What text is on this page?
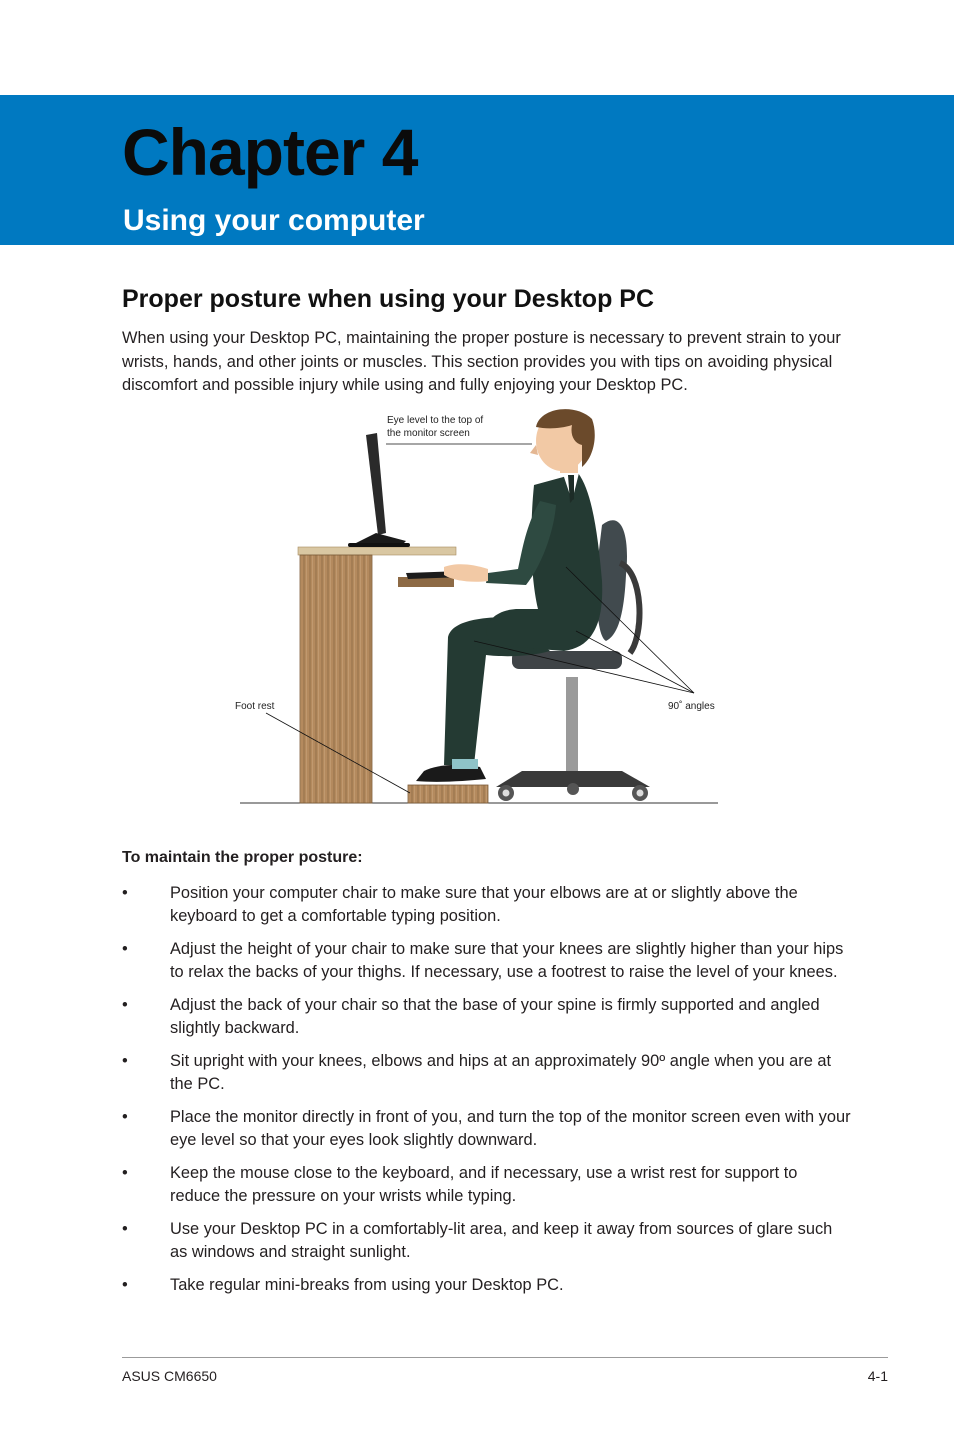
Chapter 4
Using your computer
Proper posture when using your Desktop PC

When using your Desktop PC, maintaining the proper posture is necessary to prevent strain to your wrists, hands, and other joints or muscles. This section provides you with tips on avoiding physical discomfort and possible injury while using and fully enjoying your Desktop PC.

Eye level to the top of
the monitor screen
Foot rest	90˚ angles
To maintain the proper posture:
•	Position your computer chair to make sure that your elbows are at or slightly above the keyboard to get a comfortable typing position.
•	Adjust the height of your chair to make sure that your knees are slightly higher than your hips to relax the backs of your thighs. If necessary, use a footrest to raise the level of your knees.
•	Adjust the back of your chair so that the base of your spine is firmly supported and angled slightly backward.
•	Sit upright with your knees, elbows and hips at an approximately 90º angle when you are at the PC.
•	Place the monitor directly in front of you, and turn the top of the monitor screen even with your eye level so that your eyes look slightly downward.
•	Keep the mouse close to the keyboard, and if necessary, use a wrist rest for support to reduce the pressure on your wrists while typing.
•	Use your Desktop PC in a comfortably-lit area, and keep it away from sources of glare such as windows and straight sunlight.
•	Take regular mini-breaks from using your Desktop PC.
ASUS CM6650	4-1
